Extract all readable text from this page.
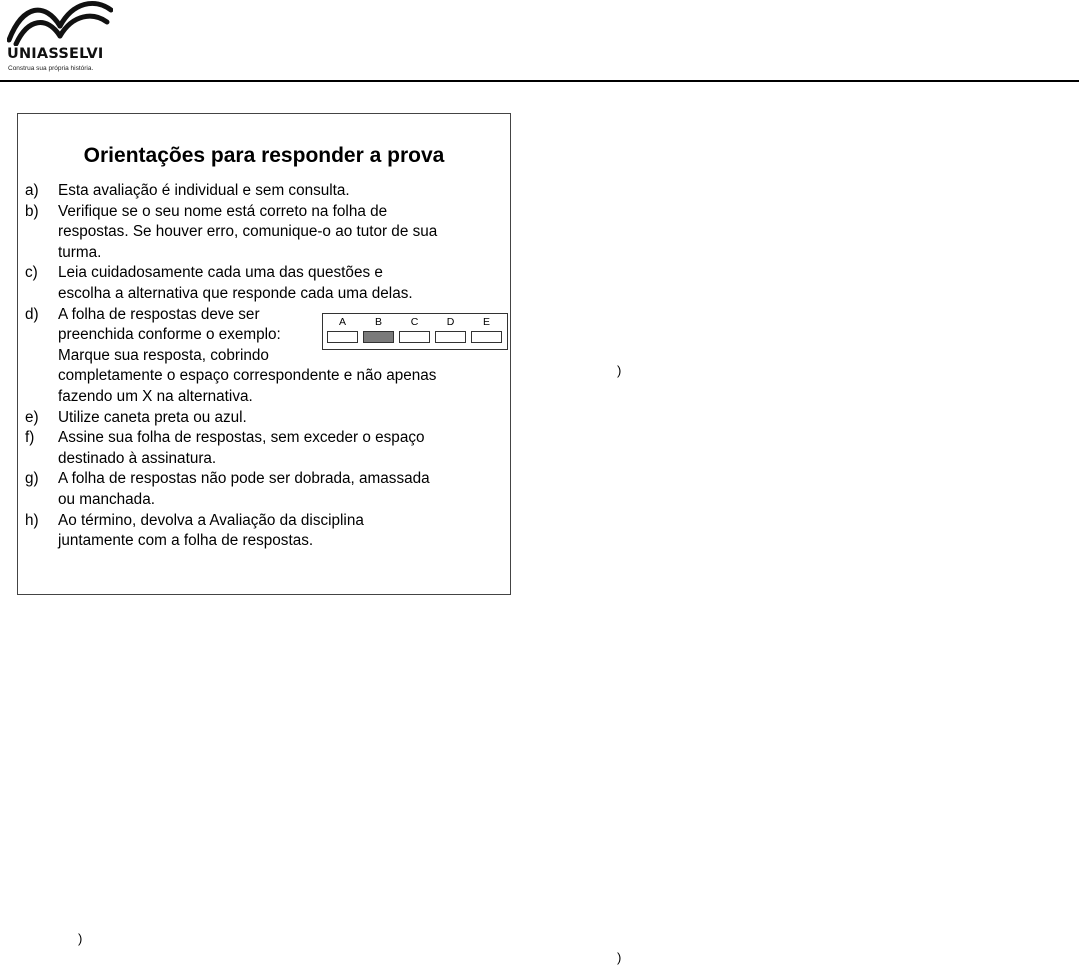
UNIASSELVI
Construa sua própria história.
Orientações para responder a prova
a) Esta avaliação é individual e sem consulta.
b) Verifique se o seu nome está correto na folha de
respostas. Se houver erro, comunique-o ao tutor de sua
turma.
c) Leia cuidadosamente cada uma das questões e
escolha a alternativa que responde cada uma delas.
d) A folha de respostas deve ser
preenchida conforme o exemplo:
Marque sua resposta, cobrindo
completamente o espaço correspondente e não apenas
fazendo um X na alternativa.
e) Utilize caneta preta ou azul.
f) Assine sua folha de respostas, sem exceder o espaço
destinado à assinatura.
g) A folha de respostas não pode ser dobrada, amassada
ou manchada.
h) Ao término, devolva a Avaliação da disciplina
juntamente com a folha de respostas.
A	B	C	D	E
)
)
)
